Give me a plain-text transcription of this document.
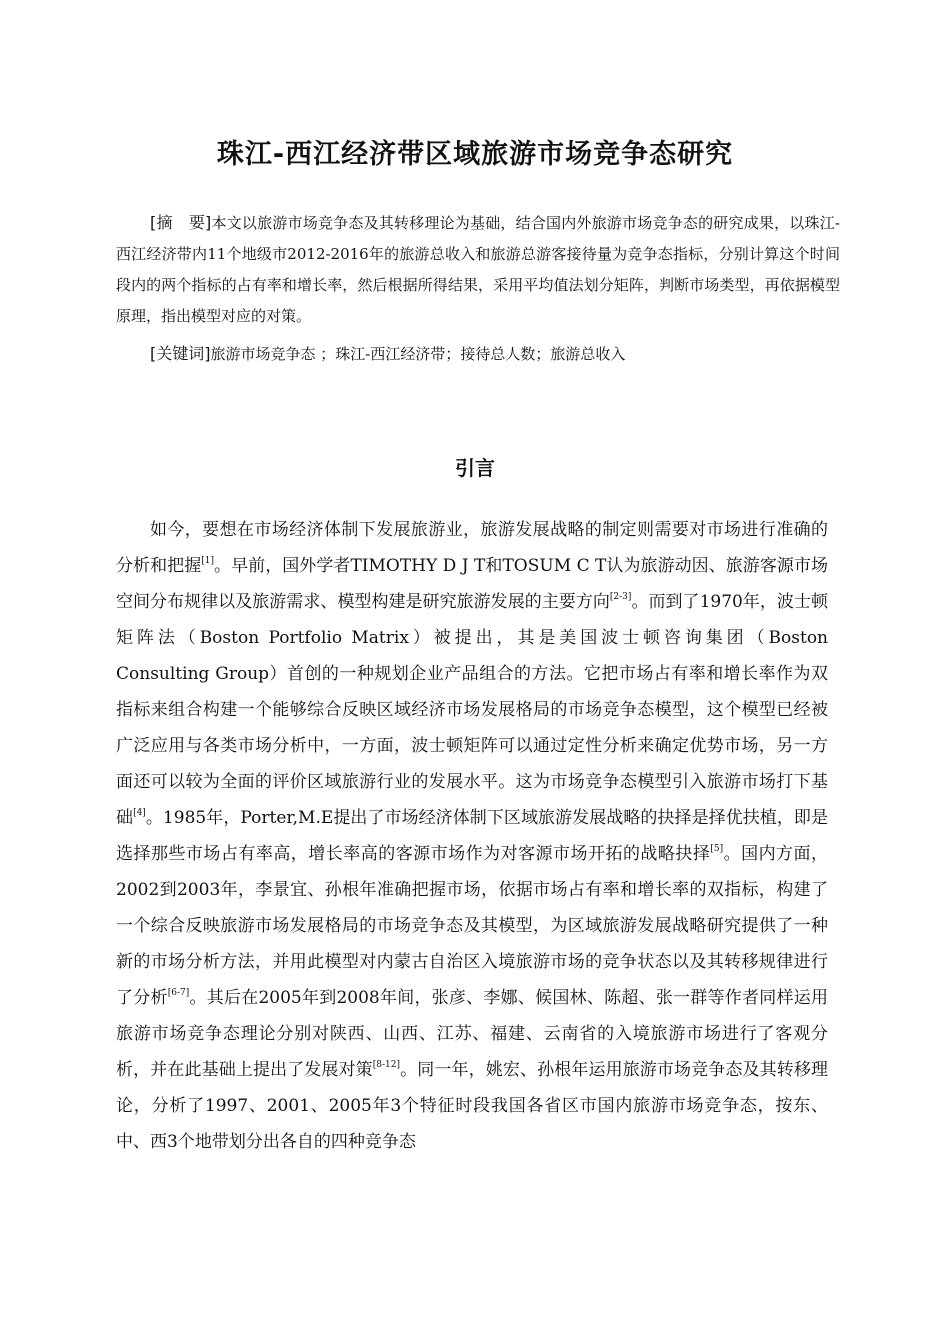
珠江-西江经济带区域旅游市场竞争态研究

[摘　要]本文以旅游市场竞争态及其转移理论为基础，结合国内外旅游市场竞争态的研究成果，以珠江-西江经济带内11个地级市2012-2016年的旅游总收入和旅游总游客接待量为竞争态指标，分别计算这个时间段内的两个指标的占有率和增长率，然后根据所得结果，采用平均值法划分矩阵，判断市场类型，再依据模型原理，指出模型对应的对策。

[关键词]旅游市场竞争态 ；珠江-西江经济带；接待总人数；旅游总收入

引言

如今，要想在市场经济体制下发展旅游业，旅游发展战略的制定则需要对市场进行准确的分析和把握[1]。早前，国外学者TIMOTHY D J T和TOSUM C T认为旅游动因、旅游客源市场空间分布规律以及旅游需求、模型构建是研究旅游发展的主要方向[2-3]。而到了1970年，波士顿矩阵法（Boston Portfolio Matrix）被提出，其是美国波士顿咨询集团（Boston Consulting Group）首创的一种规划企业产品组合的方法。它把市场占有率和增长率作为双指标来组合构建一个能够综合反映区域经济市场发展格局的市场竞争态模型，这个模型已经被广泛应用与各类市场分析中，一方面，波士顿矩阵可以通过定性分析来确定优势市场，另一方面还可以较为全面的评价区域旅游行业的发展水平。这为市场竞争态模型引入旅游市场打下基础[4]。1985年，Porter,M.E提出了市场经济体制下区域旅游发展战略的抉择是择优扶植，即是选择那些市场占有率高，增长率高的客源市场作为对客源市场开拓的战略抉择[5]。国内方面，2002到2003年，李景宜、孙根年准确把握市场，依据市场占有率和增长率的双指标，构建了一个综合反映旅游市场发展格局的市场竞争态及其模型，为区域旅游发展战略研究提供了一种新的市场分析方法，并用此模型对内蒙古自治区入境旅游市场的竞争状态以及其转移规律进行了分析[6-7]。其后在2005年到2008年间，张彦、李娜、候国林、陈超、张一群等作者同样运用旅游市场竞争态理论分别对陕西、山西、江苏、福建、云南省的入境旅游市场进行了客观分析，并在此基础上提出了发展对策[8-12]。同一年，姚宏、孙根年运用旅游市场竞争态及其转移理论，分析了1997、2001、2005年3个特征时段我国各省区市国内旅游市场竞争态，按东、中、西3个地带划分出各自的四种竞争态
